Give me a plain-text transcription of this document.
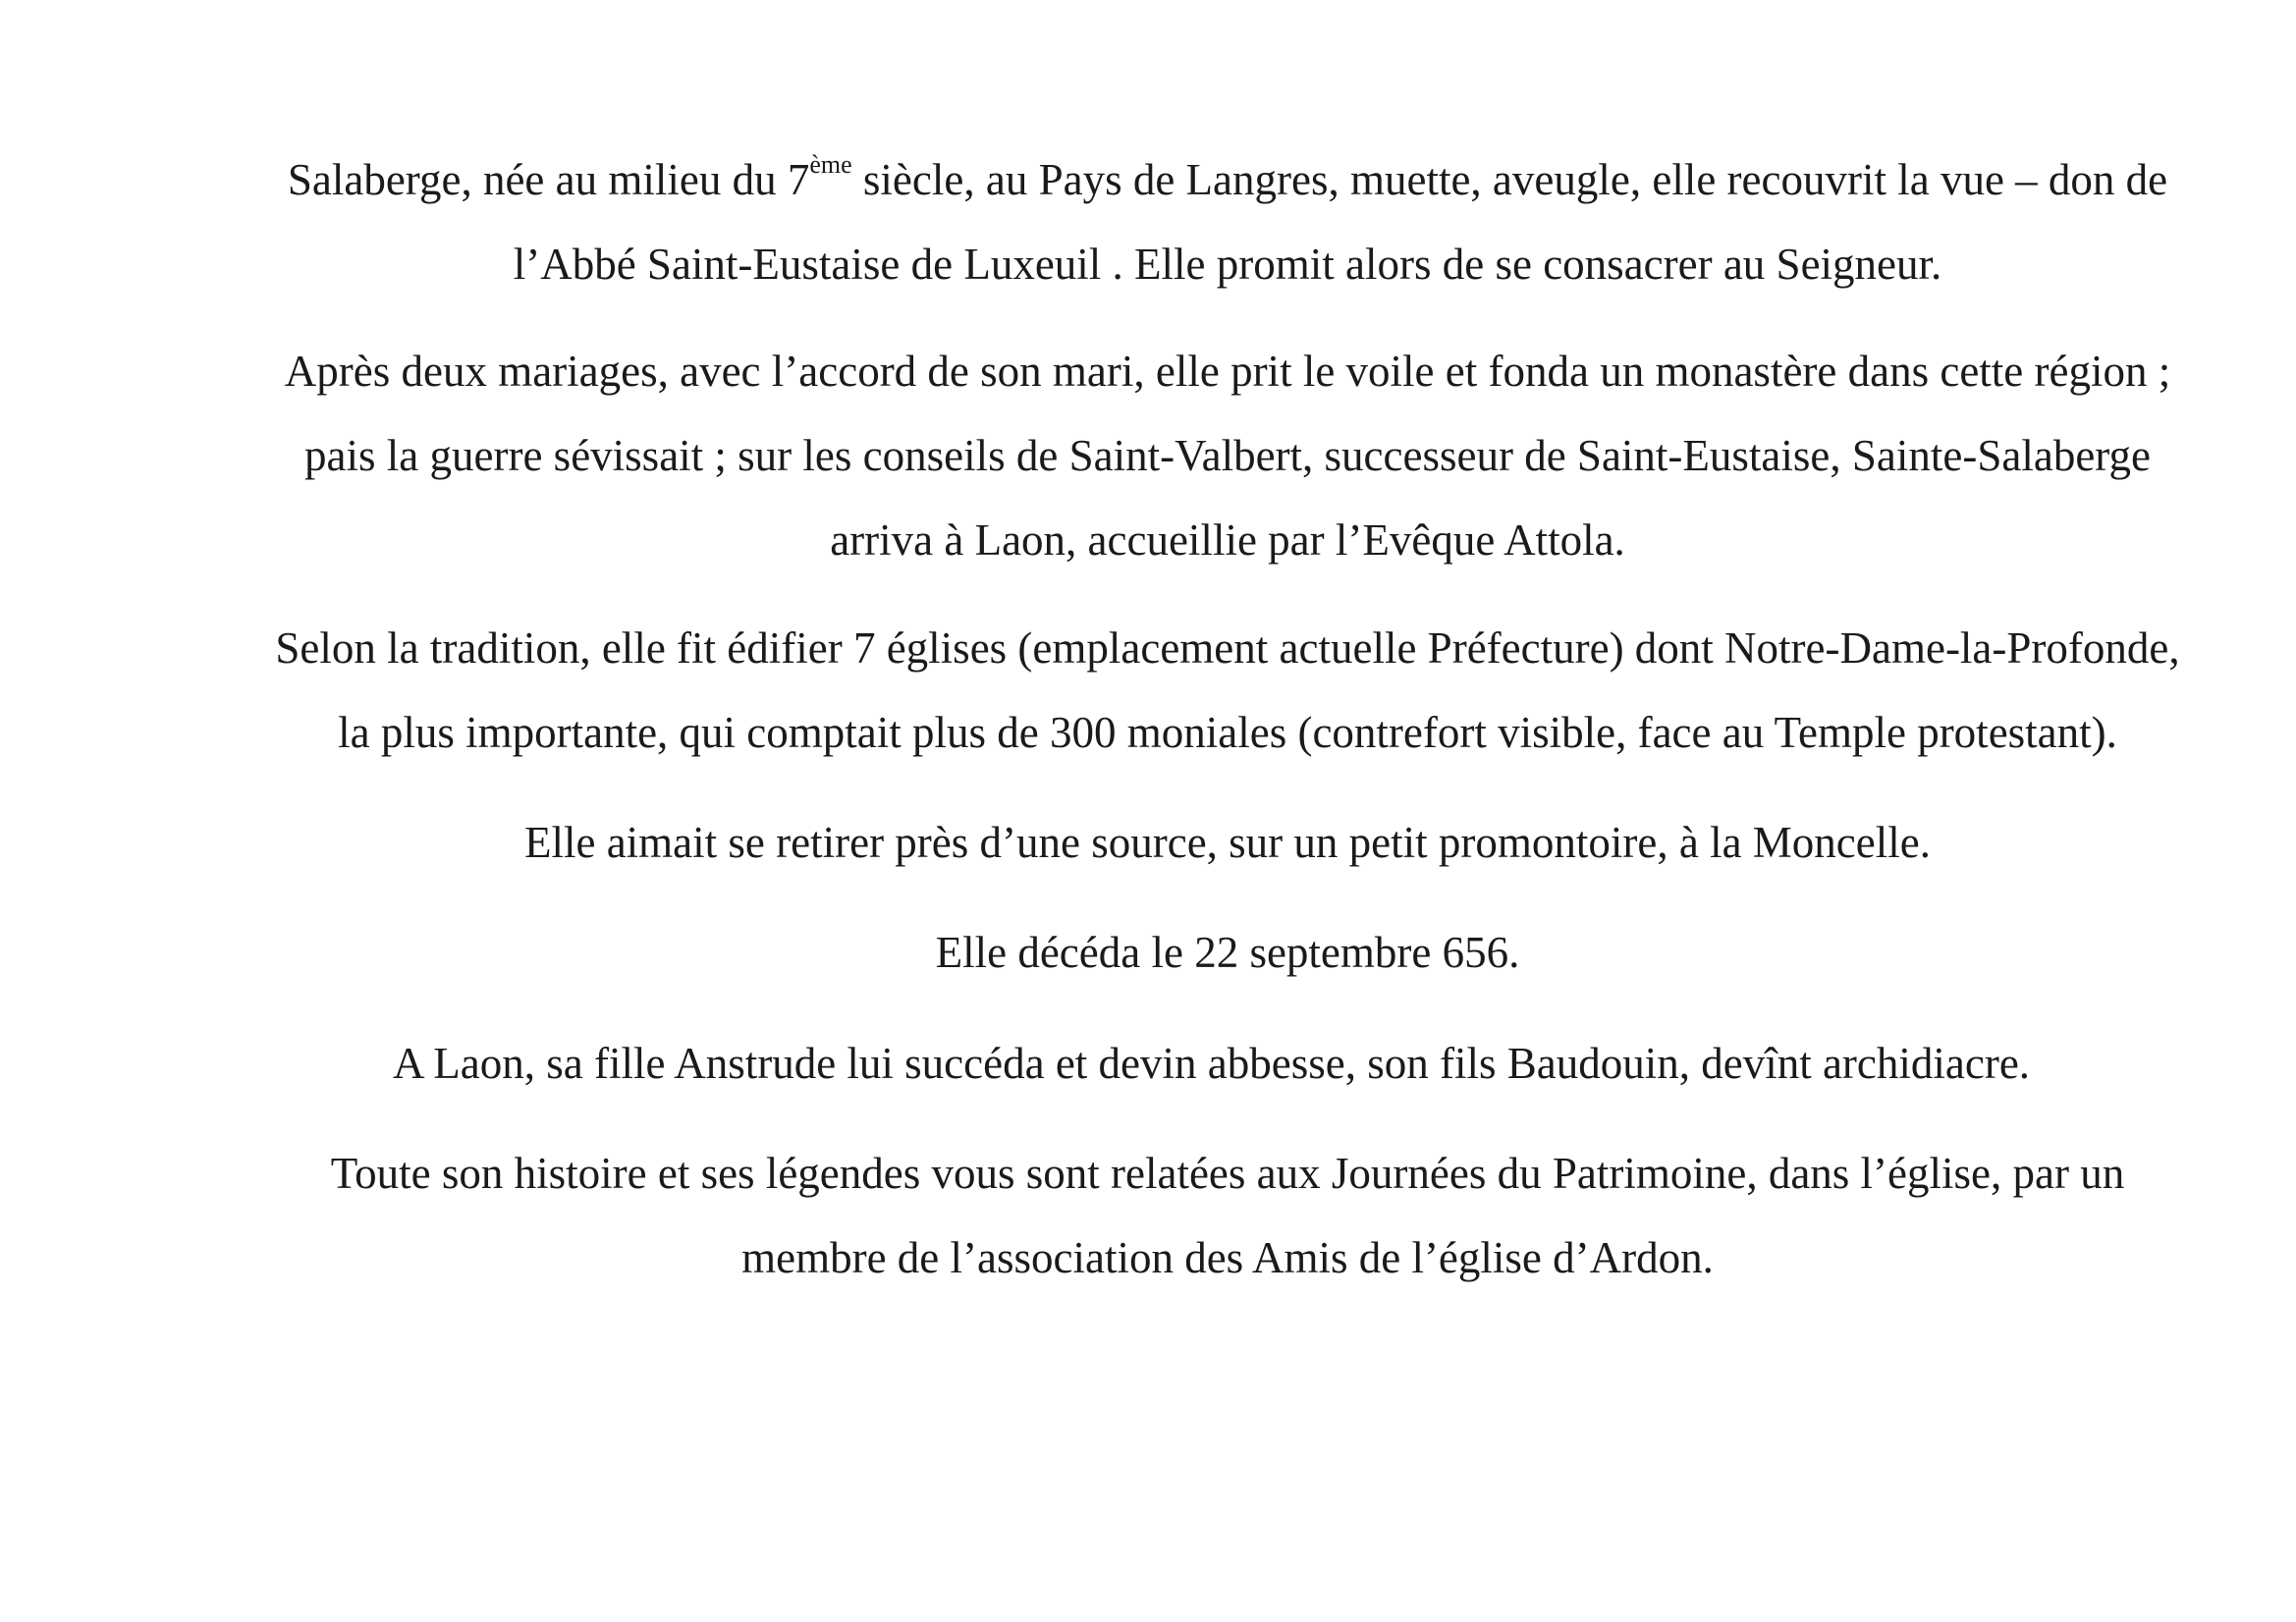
Salaberge, née au milieu du 7ème siècle, au Pays de Langres, muette, aveugle, elle recouvrit la vue – don de
l’Abbé Saint-Eustaise de Luxeuil . Elle promit alors de se consacrer au Seigneur.

Après deux mariages, avec l’accord de son mari, elle prit le voile et fonda un monastère dans cette région ;
pais la guerre sévissait ; sur les conseils de Saint-Valbert, successeur de Saint-Eustaise, Sainte-Salaberge
arriva à Laon, accueillie par l’Evêque Attola.

Selon la tradition, elle fit édifier 7 églises (emplacement actuelle Préfecture) dont Notre-Dame-la-Profonde,
la plus importante, qui comptait plus de 300 moniales (contrefort visible, face au Temple protestant).

Elle aimait se retirer près d’une source, sur un petit promontoire, à la Moncelle.

Elle décéda le 22 septembre 656.

A Laon, sa fille Anstrude lui succéda et devin abbesse, son fils Baudouin, devînt archidiacre.

Toute son histoire et ses légendes vous sont relatées aux Journées du Patrimoine, dans l’église, par un
membre de l’association des Amis de l’église d’Ardon.
